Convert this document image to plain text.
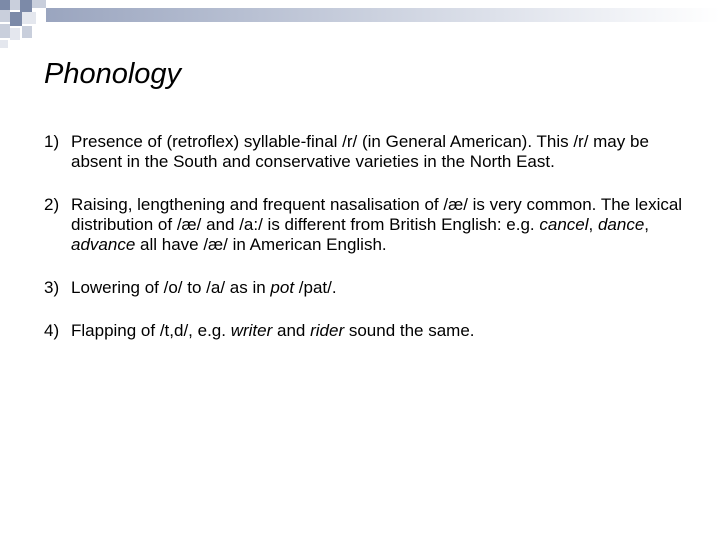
Phonology
1) Presence of (retroflex) syllable-final /r/ (in General American). This /r/ may be absent in the South and conservative varieties in the North East.
2) Raising, lengthening and frequent nasalisation of /æ/ is very common. The lexical distribution of /æ/ and /a:/ is different from British English: e.g. cancel, dance, advance all have /æ/ in American English.
3) Lowering of /o/ to /a/ as in pot /pat/.
4) Flapping of /t,d/, e.g. writer and rider sound the same.
